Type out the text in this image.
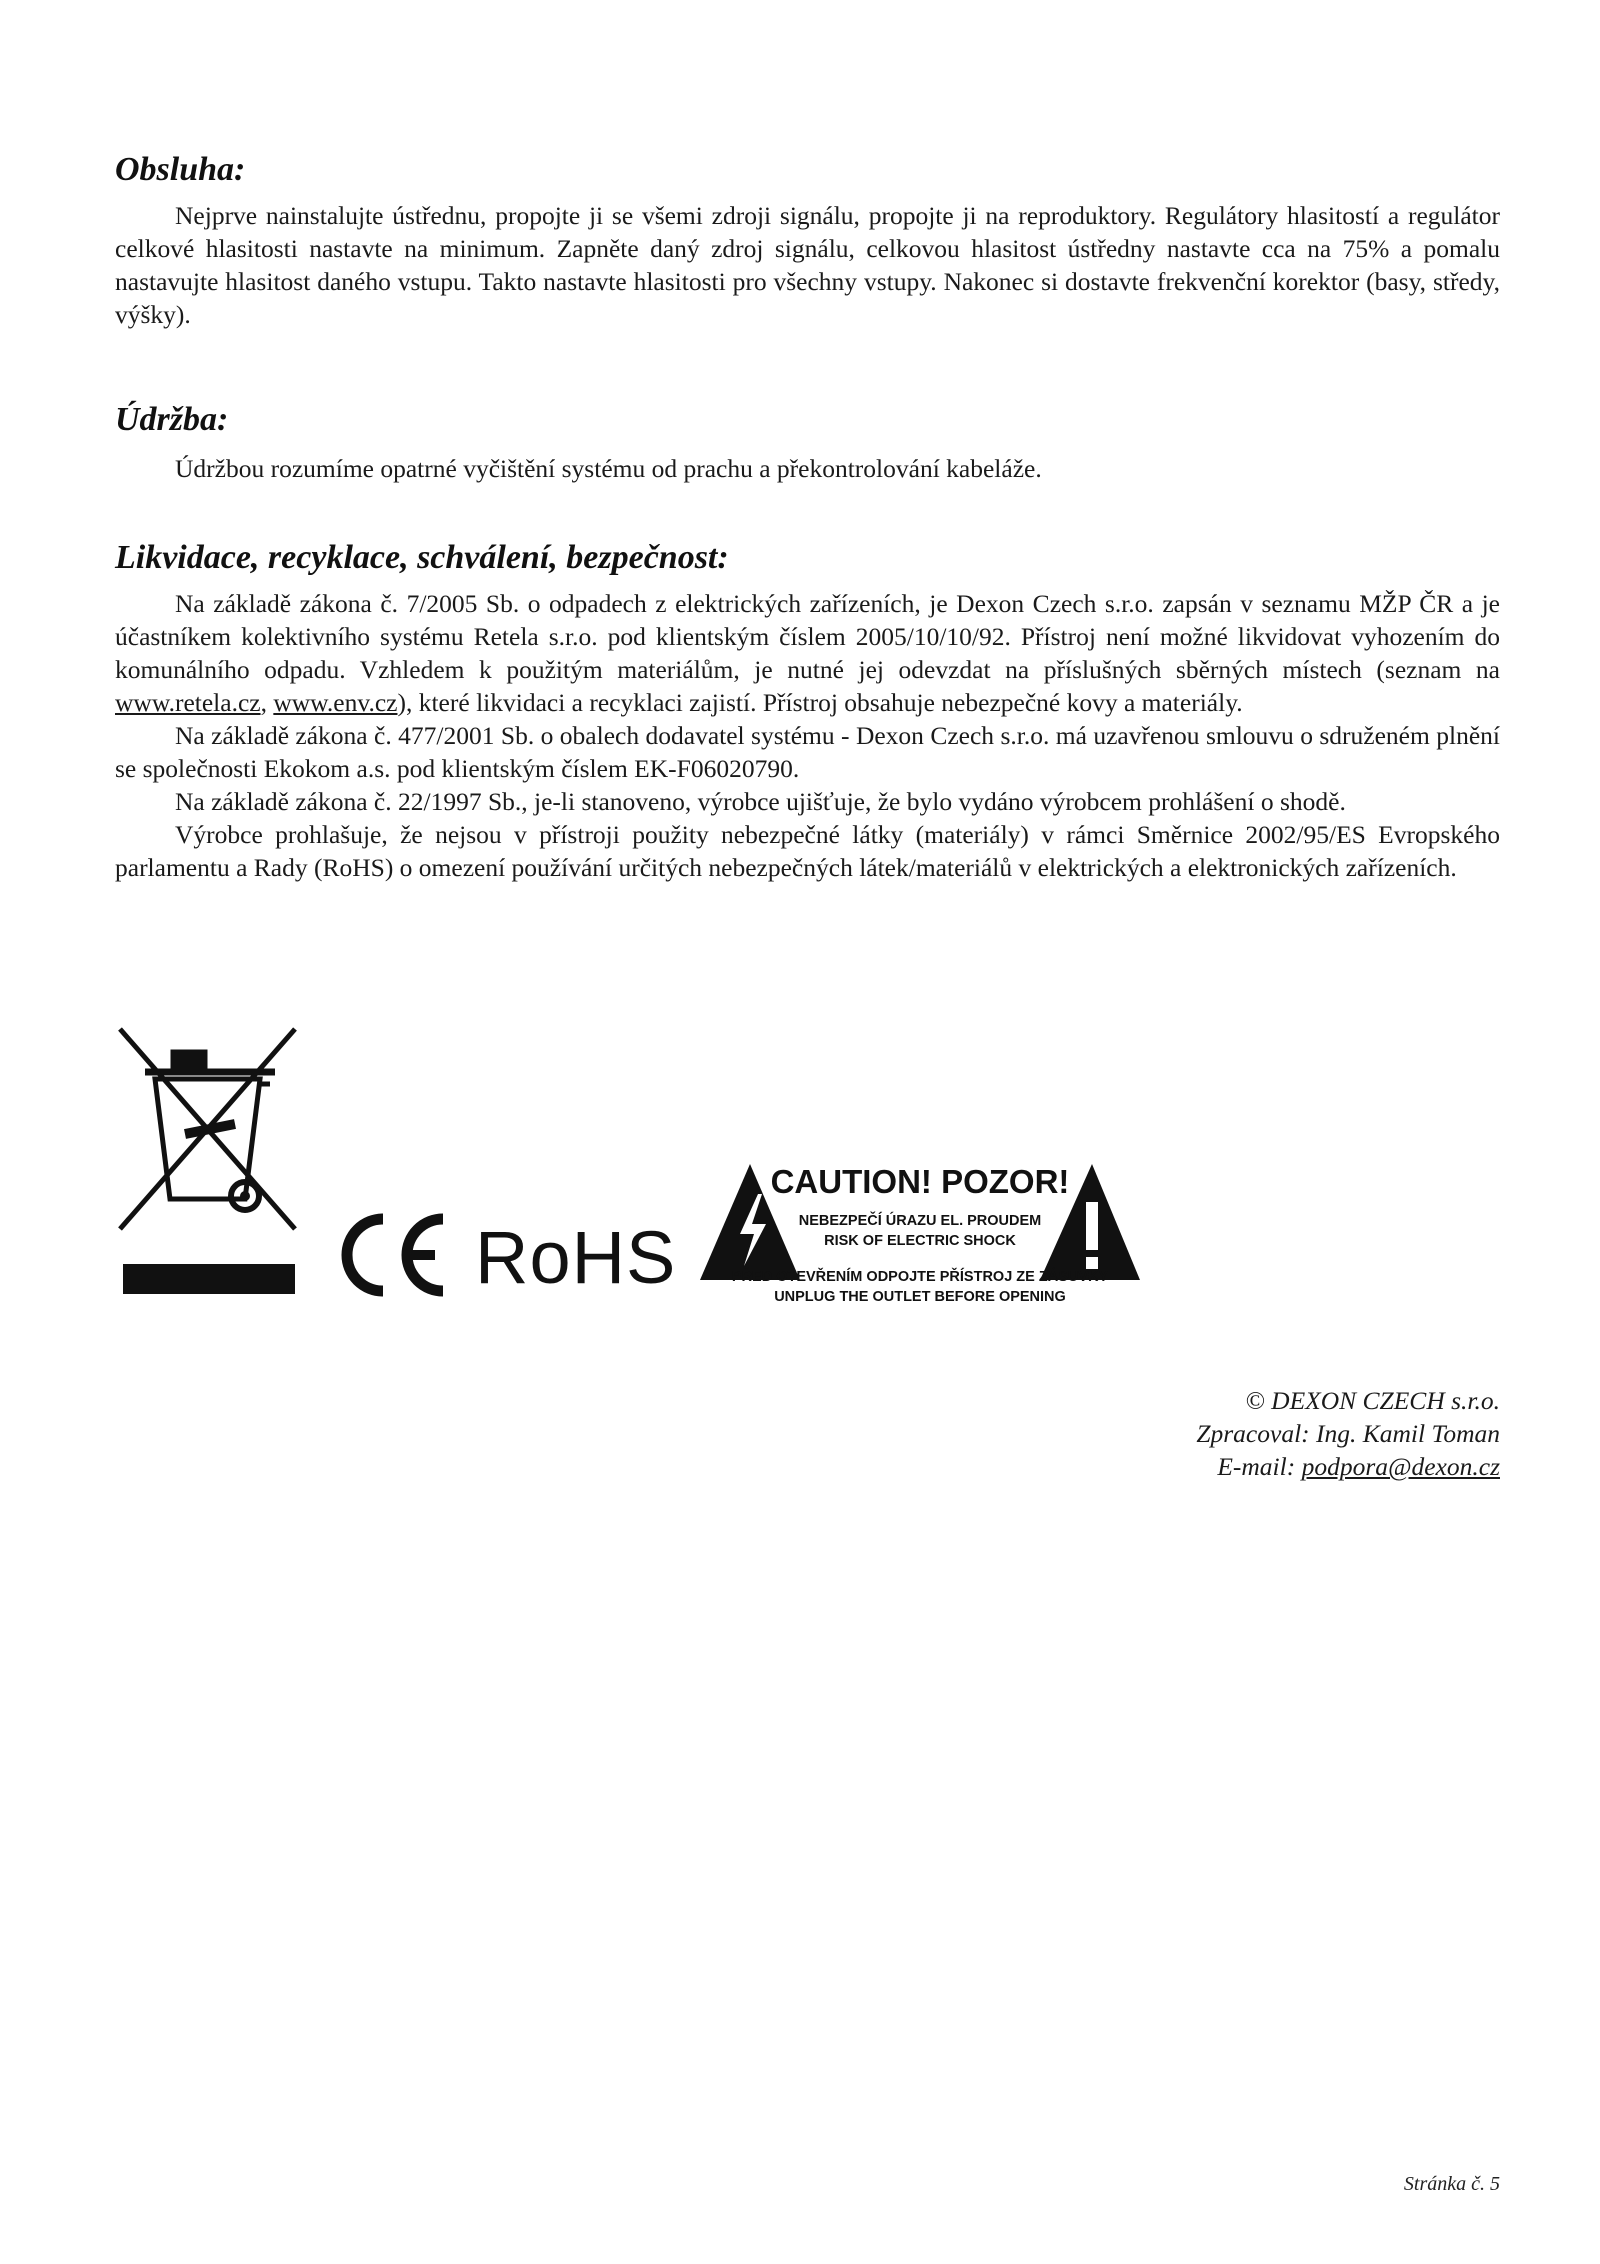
Obsluha:

Nejprve nainstalujte ústřednu, propojte ji se všemi zdroji signálu, propojte ji na reproduktory. Regulátory hlasitostí a regulátor celkové hlasitosti nastavte na minimum. Zapněte daný zdroj signálu, celkovou hlasitost ústředny nastavte cca na 75% a pomalu nastavujte hlasitost daného vstupu. Takto nastavte hlasitosti pro všechny vstupy. Nakonec si dostavte frekvenční korektor (basy, středy, výšky).

Údržba:

Údržbou rozumíme opatrné vyčištění systému od prachu a překontrolování kabeláže.

Likvidace, recyklace, schválení, bezpečnost:

Na základě zákona č. 7/2005 Sb. o odpadech z elektrických zařízeních, je Dexon Czech s.r.o. zapsán v seznamu MŽP ČR a je účastníkem kolektivního systému Retela s.r.o. pod klientským číslem 2005/10/10/92. Přístroj není možné likvidovat vyhozením do komunálního odpadu. Vzhledem k použitým materiálům, je nutné jej odevzdat na příslušných sběrných místech (seznam na www.retela.cz, www.env.cz), které likvidaci a recyklaci zajistí. Přístroj obsahuje nebezpečné kovy a materiály.

Na základě zákona č. 477/2001 Sb. o obalech dodavatel systému - Dexon Czech s.r.o. má uzavřenou smlouvu o sdruženém plnění se společnosti Ekokom a.s. pod klientským číslem EK-F06020790.

Na základě zákona č. 22/1997 Sb., je-li stanoveno, výrobce ujišťuje, že bylo vydáno výrobcem prohlášení o shodě.

Výrobce prohlašuje, že nejsou v přístroji použity nebezpečné látky (materiály) v rámci Směrnice 2002/95/ES Evropského parlamentu a Rady (RoHS) o omezení používání určitých nebezpečných látek/materiálů v elektrických a elektronických zařízeních.

RoHS
CAUTION! POZOR!
NEBEZPEČÍ ÚRAZU EL. PROUDEM
RISK OF ELECTRIC SHOCK
PŘED OTEVŘENÍM ODPOJTE PŘÍSTROJ ZE ZÁSUVKY
UNPLUG THE OUTLET BEFORE OPENING
© DEXON CZECH s.r.o.
Zpracoval: Ing. Kamil Toman
E-mail: podpora@dexon.cz
Stránka č. 5
